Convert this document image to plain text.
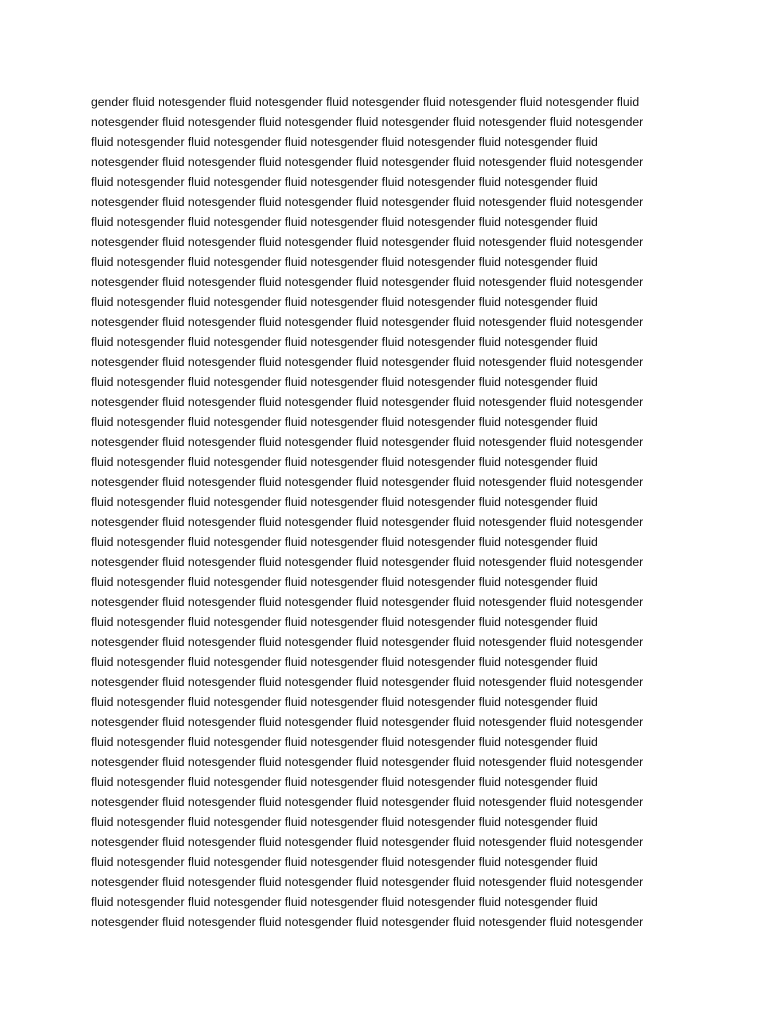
gender fluid notesgender fluid notesgender fluid notesgender fluid notesgender fluid notesgender fluid
notesgender fluid notesgender fluid notesgender fluid notesgender fluid notesgender fluid notesgender
fluid notesgender fluid notesgender fluid notesgender fluid notesgender fluid notesgender fluid
notesgender fluid notesgender fluid notesgender fluid notesgender fluid notesgender fluid notesgender
fluid notesgender fluid notesgender fluid notesgender fluid notesgender fluid notesgender fluid
notesgender fluid notesgender fluid notesgender fluid notesgender fluid notesgender fluid notesgender
fluid notesgender fluid notesgender fluid notesgender fluid notesgender fluid notesgender fluid
notesgender fluid notesgender fluid notesgender fluid notesgender fluid notesgender fluid notesgender
fluid notesgender fluid notesgender fluid notesgender fluid notesgender fluid notesgender fluid
notesgender fluid notesgender fluid notesgender fluid notesgender fluid notesgender fluid notesgender
fluid notesgender fluid notesgender fluid notesgender fluid notesgender fluid notesgender fluid
notesgender fluid notesgender fluid notesgender fluid notesgender fluid notesgender fluid notesgender
fluid notesgender fluid notesgender fluid notesgender fluid notesgender fluid notesgender fluid
notesgender fluid notesgender fluid notesgender fluid notesgender fluid notesgender fluid notesgender
fluid notesgender fluid notesgender fluid notesgender fluid notesgender fluid notesgender fluid
notesgender fluid notesgender fluid notesgender fluid notesgender fluid notesgender fluid notesgender
fluid notesgender fluid notesgender fluid notesgender fluid notesgender fluid notesgender fluid
notesgender fluid notesgender fluid notesgender fluid notesgender fluid notesgender fluid notesgender
fluid notesgender fluid notesgender fluid notesgender fluid notesgender fluid notesgender fluid
notesgender fluid notesgender fluid notesgender fluid notesgender fluid notesgender fluid notesgender
fluid notesgender fluid notesgender fluid notesgender fluid notesgender fluid notesgender fluid
notesgender fluid notesgender fluid notesgender fluid notesgender fluid notesgender fluid notesgender
fluid notesgender fluid notesgender fluid notesgender fluid notesgender fluid notesgender fluid
notesgender fluid notesgender fluid notesgender fluid notesgender fluid notesgender fluid notesgender
fluid notesgender fluid notesgender fluid notesgender fluid notesgender fluid notesgender fluid
notesgender fluid notesgender fluid notesgender fluid notesgender fluid notesgender fluid notesgender
fluid notesgender fluid notesgender fluid notesgender fluid notesgender fluid notesgender fluid
notesgender fluid notesgender fluid notesgender fluid notesgender fluid notesgender fluid notesgender
fluid notesgender fluid notesgender fluid notesgender fluid notesgender fluid notesgender fluid
notesgender fluid notesgender fluid notesgender fluid notesgender fluid notesgender fluid notesgender
fluid notesgender fluid notesgender fluid notesgender fluid notesgender fluid notesgender fluid
notesgender fluid notesgender fluid notesgender fluid notesgender fluid notesgender fluid notesgender
fluid notesgender fluid notesgender fluid notesgender fluid notesgender fluid notesgender fluid
notesgender fluid notesgender fluid notesgender fluid notesgender fluid notesgender fluid notesgender
fluid notesgender fluid notesgender fluid notesgender fluid notesgender fluid notesgender fluid
notesgender fluid notesgender fluid notesgender fluid notesgender fluid notesgender fluid notesgender
fluid notesgender fluid notesgender fluid notesgender fluid notesgender fluid notesgender fluid
notesgender fluid notesgender fluid notesgender fluid notesgender fluid notesgender fluid notesgender
fluid notesgender fluid notesgender fluid notesgender fluid notesgender fluid notesgender fluid
notesgender fluid notesgender fluid notesgender fluid notesgender fluid notesgender fluid notesgender
fluid notesgender fluid notesgender fluid notesgender fluid notesgender fluid notesgender fluid
notesgender fluid notesgender fluid notesgender fluid notesgender fluid notesgender fluid notesgender
